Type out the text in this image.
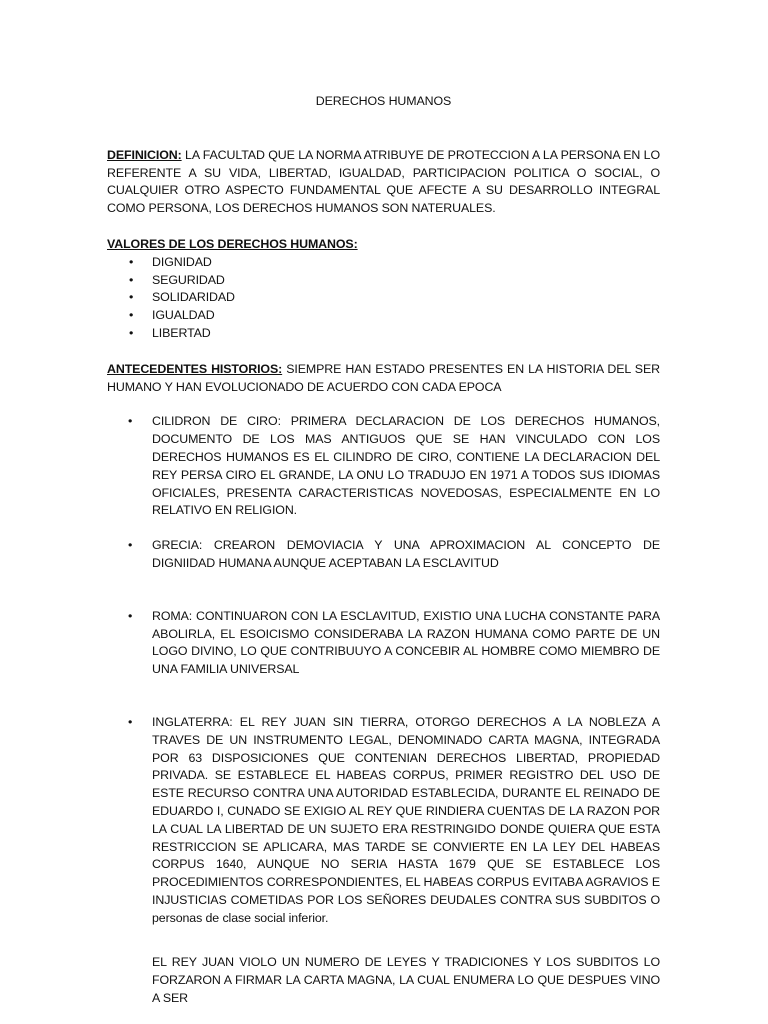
DERECHOS HUMANOS

DEFINICION: LA FACULTAD QUE LA NORMA ATRIBUYE DE PROTECCION A LA PERSONA EN LO REFERENTE A SU VIDA, LIBERTAD, IGUALDAD, PARTICIPACION POLITICA O SOCIAL, O CUALQUIER OTRO ASPECTO FUNDAMENTAL QUE AFECTE A SU DESARROLLO INTEGRAL COMO PERSONA, LOS DERECHOS HUMANOS SON NATERUALES.

VALORES DE LOS DERECHOS HUMANOS:

• DIGNIDAD
• SEGURIDAD
• SOLIDARIDAD
• IGUALDAD
• LIBERTAD

ANTECEDENTES HISTORIOS: SIEMPRE HAN ESTADO PRESENTES EN LA HISTORIA DEL SER HUMANO Y HAN EVOLUCIONADO DE ACUERDO CON CADA EPOCA

• CILIDRON DE CIRO: PRIMERA DECLARACION DE LOS DERECHOS HUMANOS, DOCUMENTO DE LOS MAS ANTIGUOS QUE SE HAN VINCULADO CON LOS DERECHOS HUMANOS ES EL CILINDRO DE CIRO, CONTIENE LA DECLARACION DEL REY PERSA CIRO EL GRANDE, LA ONU LO TRADUJO EN 1971 A TODOS SUS IDIOMAS OFICIALES, PRESENTA CARACTERISTICAS NOVEDOSAS, ESPECIALMENTE EN LO RELATIVO EN RELIGION.
• GRECIA: CREARON DEMOVIACIA Y UNA APROXIMACION AL CONCEPTO DE DIGNIIDAD HUMANA AUNQUE ACEPTABAN LA ESCLAVITUD
• ROMA: CONTINUARON CON LA ESCLAVITUD, EXISTIO UNA LUCHA CONSTANTE PARA ABOLIRLA, EL ESOICISMO CONSIDERABA LA RAZON HUMANA COMO PARTE DE UN LOGO DIVINO, LO QUE CONTRIBUUYO A CONCEBIR AL HOMBRE COMO MIEMBRO DE UNA FAMILIA UNIVERSAL
• INGLATERRA: EL REY JUAN SIN TIERRA, OTORGO DERECHOS A LA NOBLEZA A TRAVES DE UN INSTRUMENTO LEGAL, DENOMINADO CARTA MAGNA, INTEGRADA POR 63 DISPOSICIONES QUE CONTENIAN DERECHOS LIBERTAD, PROPIEDAD PRIVADA. SE ESTABLECE EL HABEAS CORPUS, PRIMER REGISTRO DEL USO DE ESTE RECURSO CONTRA UNA AUTORIDAD ESTABLECIDA, DURANTE EL REINADO DE EDUARDO I, CUNADO SE EXIGIO AL REY QUE RINDIERA CUENTAS DE LA RAZON POR LA CUAL LA LIBERTAD DE UN SUJETO ERA RESTRINGIDO DONDE QUIERA QUE ESTA RESTRICCION SE APLICARA, MAS TARDE SE CONVIERTE EN LA LEY DEL HABEAS CORPUS 1640, AUNQUE NO SERIA HASTA 1679 QUE SE ESTABLECE LOS PROCEDIMIENTOS CORRESPONDIENTES, EL HABEAS CORPUS EVITABA AGRAVIOS E INJUSTICIAS COMETIDAS POR LOS SEÑORES DEUDALES CONTRA SUS SUBDITOS O personas de clase social inferior.

EL REY JUAN VIOLO UN NUMERO DE LEYES Y TRADICIONES Y LOS SUBDITOS LO FORZARON A FIRMAR LA CARTA MAGNA, LA CUAL ENUMERA LO QUE DESPUES VINO A SER
